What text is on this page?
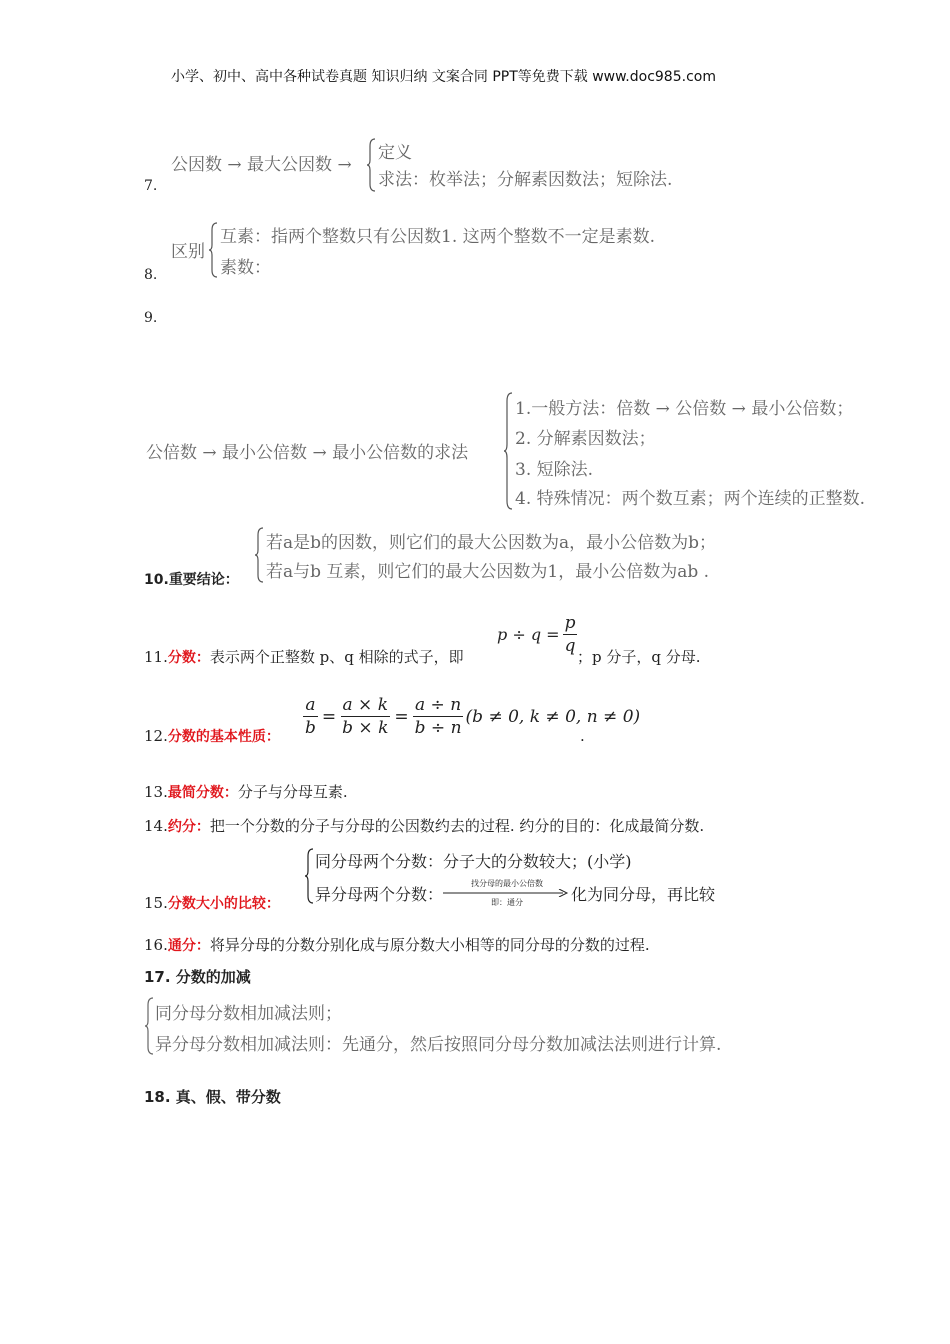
小学、初中、高中各种试卷真题 知识归纳 文案合同 PPT等免费下载 www.doc985.com
公因数 → 最大公因数 →
定义
求法：枚举法；分解素因数法；短除法.
7.
区别
互素：指两个整数只有公因数1. 这两个整数不一定是素数.
素数：
8.
9.
公倍数 → 最小公倍数 → 最小公倍数的求法
1.一般方法：倍数 → 公倍数 → 最小公倍数；
2. 分解素因数法；
3. 短除法.
4. 特殊情况：两个数互素；两个连续的正整数.
若a是b的因数，则它们的最大公因数为a，最小公倍数为b；
若a与b 互素，则它们的最大公因数为1，最小公倍数为ab .
10.重要结论：
$p \div q = \frac{p}{q}$
11.分数：表示两个正整数 p、q 相除的式子，即	；p 分子，q 分母.
$\frac{a}{b} = \frac{a \times k}{b \times k} = \frac{a \div n}{b \div n} (b \ne 0$, k ≠ 0, n ≠ 0)
12.分数的基本性质：	.
13.最简分数：分子与分母互素.
14.约分：把一个分数的分子与分母的公因数约去的过程. 约分的目的：化成最简分数.
同分母两个分数：分子大的分数较大；(小学)
异分母两个分数：
找分母的最小公倍数
即：通分	化为同分母，再比较
15.分数大小的比较：
16.通分：将异分母的分数分别化成与原分数大小相等的同分母的分数的过程.
17. 分数的加减
同分母分数相加减法则；
异分母分数相加减法则：先通分，然后按照同分母分数加减法法则进行计算.
18. 真、假、带分数
